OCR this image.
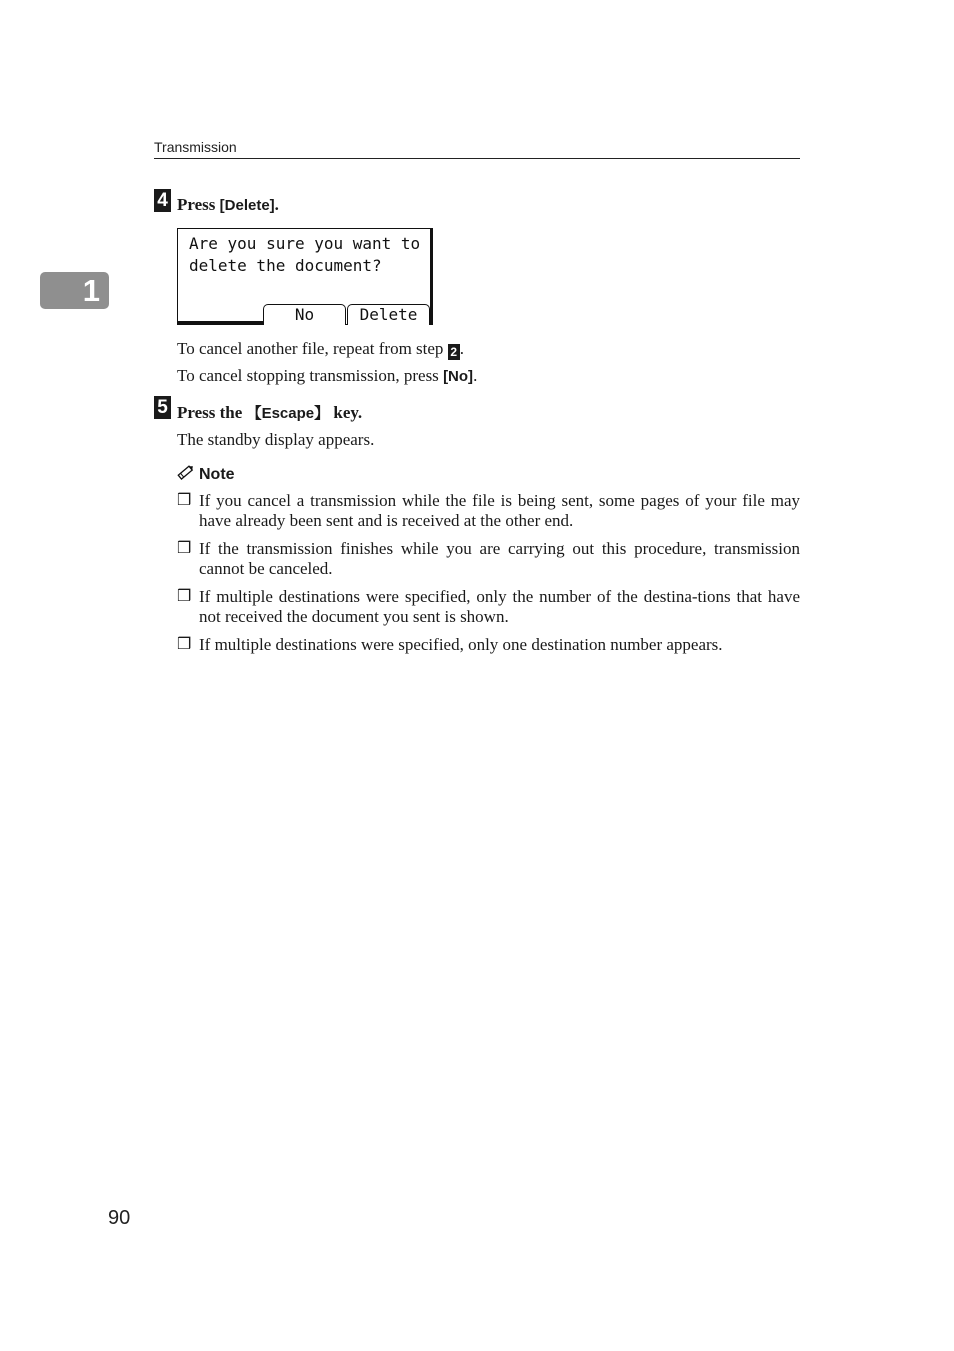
Transmission
1
4 Press [Delete].
Are you sure you want to
delete the document?
No	Delete
To cancel another file, repeat from step 2 .
To cancel stopping transmission, press [No].
5 Press the 【Escape】 key.
The standby display appears.
Note
❒ If you cancel a transmission while the file is being sent, some pages of your file may have already been sent and is received at the other end.
❒ If the transmission finishes while you are carrying out this procedure, transmission cannot be canceled.
❒ If multiple destinations were specified, only the number of the destina-tions that have not received the document you sent is shown.
❒ If multiple destinations were specified, only one destination number appears.
90
